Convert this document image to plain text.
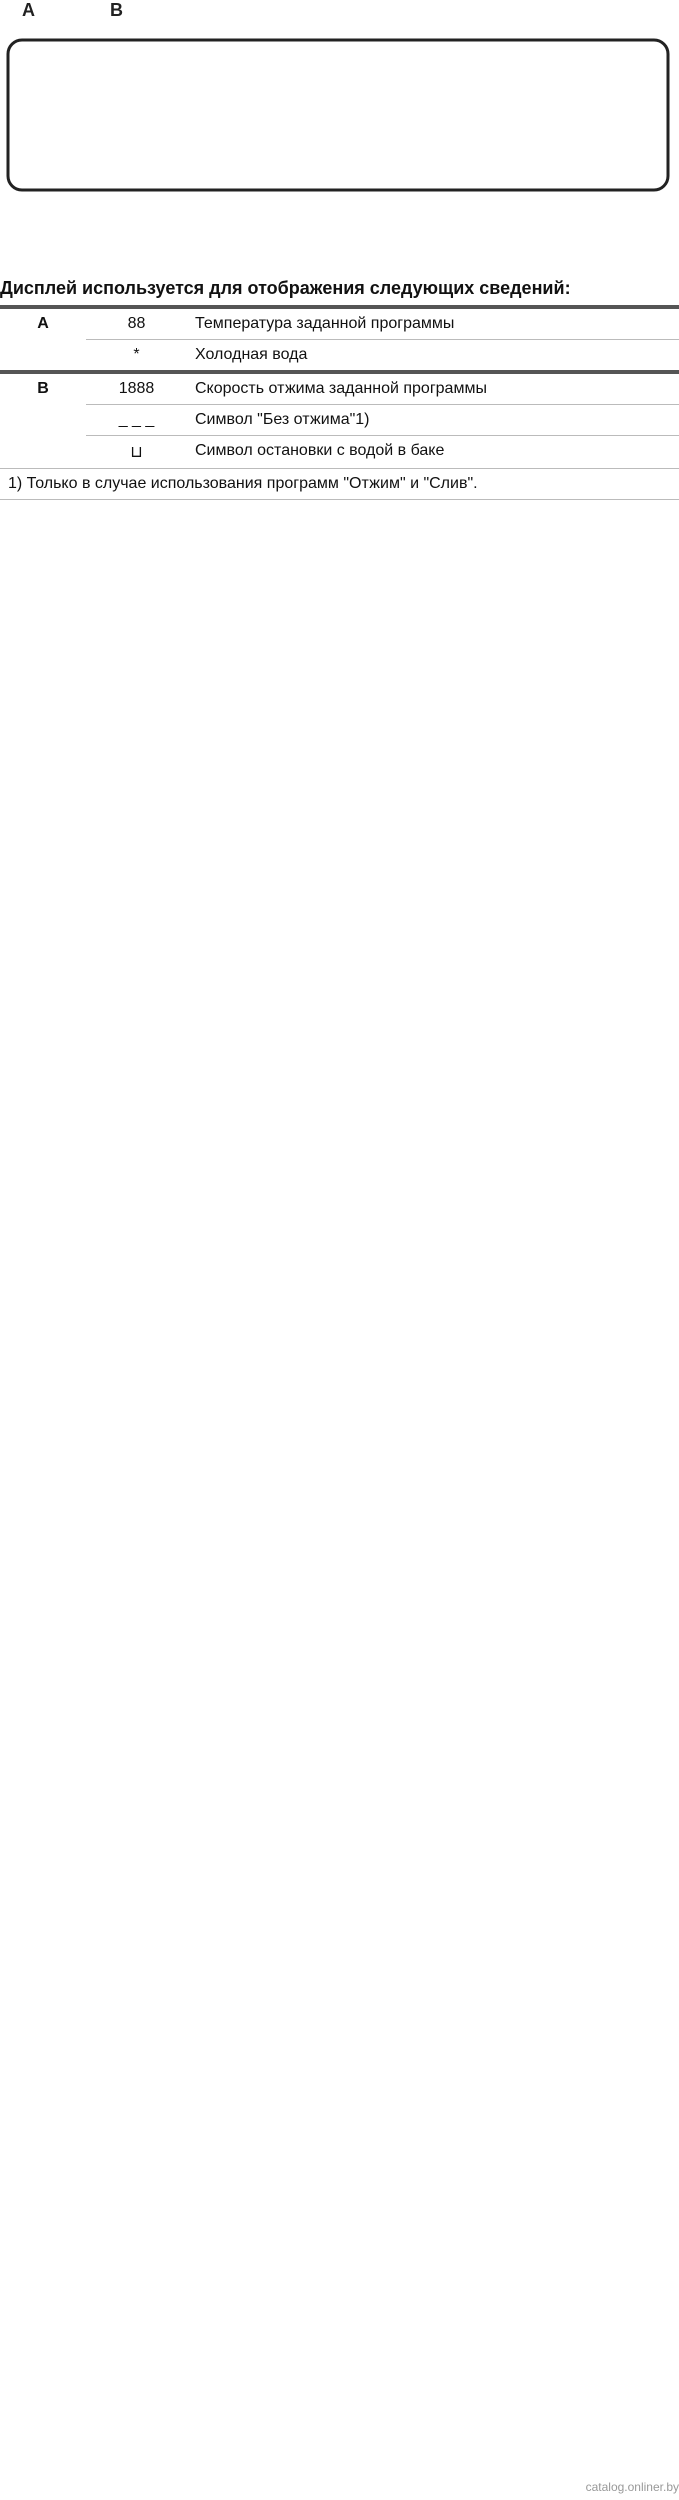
A	B
Дисплей используется для отображения следующих сведений:
A	88	Температура заданной программы
	*	Холодная вода
B	1888	Скорость отжима заданной программы
	_ _ _	Символ "Без отжима"1)
	⊔	Символ остановки с водой в баке
1) Только в случае использования программ "Отжим" и "Слив".		
catalog.onliner.by
